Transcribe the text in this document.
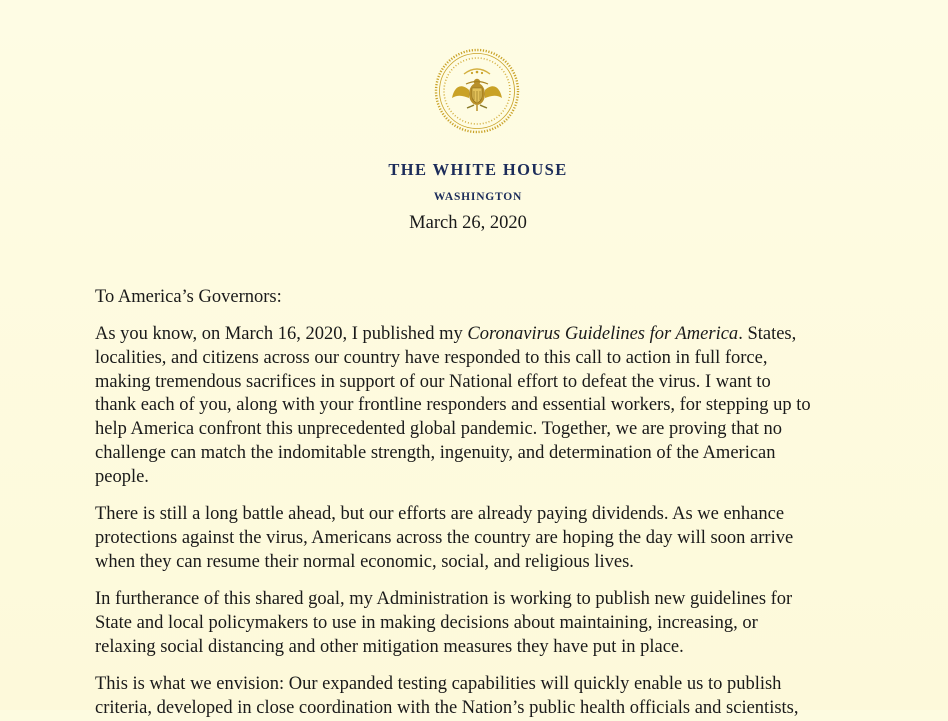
THE WHITE HOUSE
WASHINGTON
March 26, 2020
To America’s Governors:
As you know, on March 16, 2020, I published my Coronavirus Guidelines for America. States,
localities, and citizens across our country have responded to this call to action in full force,
making tremendous sacrifices in support of our National effort to defeat the virus. I want to
thank each of you, along with your frontline responders and essential workers, for stepping up to
help America confront this unprecedented global pandemic. Together, we are proving that no
challenge can match the indomitable strength, ingenuity, and determination of the American
people.
There is still a long battle ahead, but our efforts are already paying dividends. As we enhance
protections against the virus, Americans across the country are hoping the day will soon arrive
when they can resume their normal economic, social, and religious lives.
In furtherance of this shared goal, my Administration is working to publish new guidelines for
State and local policymakers to use in making decisions about maintaining, increasing, or
relaxing social distancing and other mitigation measures they have put in place.
This is what we envision: Our expanded testing capabilities will quickly enable us to publish
criteria, developed in close coordination with the Nation’s public health officials and scientists,
